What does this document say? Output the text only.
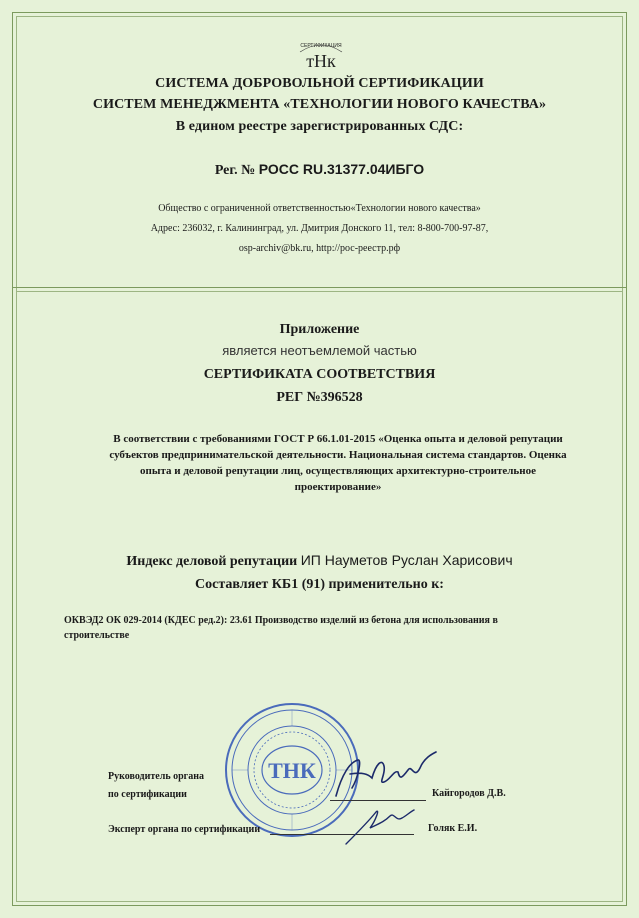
СЕРТИФИКАЦИЯ
тНк
СИСТЕМА ДОБРОВОЛЬНОЙ СЕРТИФИКАЦИИ
СИСТЕМ МЕНЕДЖМЕНТА «ТЕХНОЛОГИИ НОВОГО КАЧЕСТВА»
В едином реестре зарегистрированных СДС:
Рег. № РОСС RU.31377.04ИБГО
Общество с ограниченной ответственностью«Технологии нового качества»
Адрес: 236032, г. Калининград, ул. Дмитрия Донского 11, тел: 8-800-700-97-87,
osp-archiv@bk.ru, http://рос-реестр.рф
Приложение
является неотъемлемой частью
СЕРТИФИКАТА СООТВЕТСТВИЯ
РЕГ №396528
В соответствии с требованиями ГОСТ Р 66.1.01-2015 «Оценка опыта и деловой репутации
субъектов предпринимательской деятельности. Национальная система стандартов. Оценка
опыта и деловой репутации лиц, осуществляющих архитектурно-строительное
проектирование»
Индекс деловой репутации ИП Науметов Руслан Харисович
Составляет КБ1 (91) применительно к:
ОКВЭД2 ОК 029-2014 (КДЕС ред.2): 23.61 Производство изделий из бетона для использования в
строительстве
ТНК
Руководитель органа
по сертификации	Кайгородов Д.В.
Эксперт органа по сертификации	Голяк Е.И.
